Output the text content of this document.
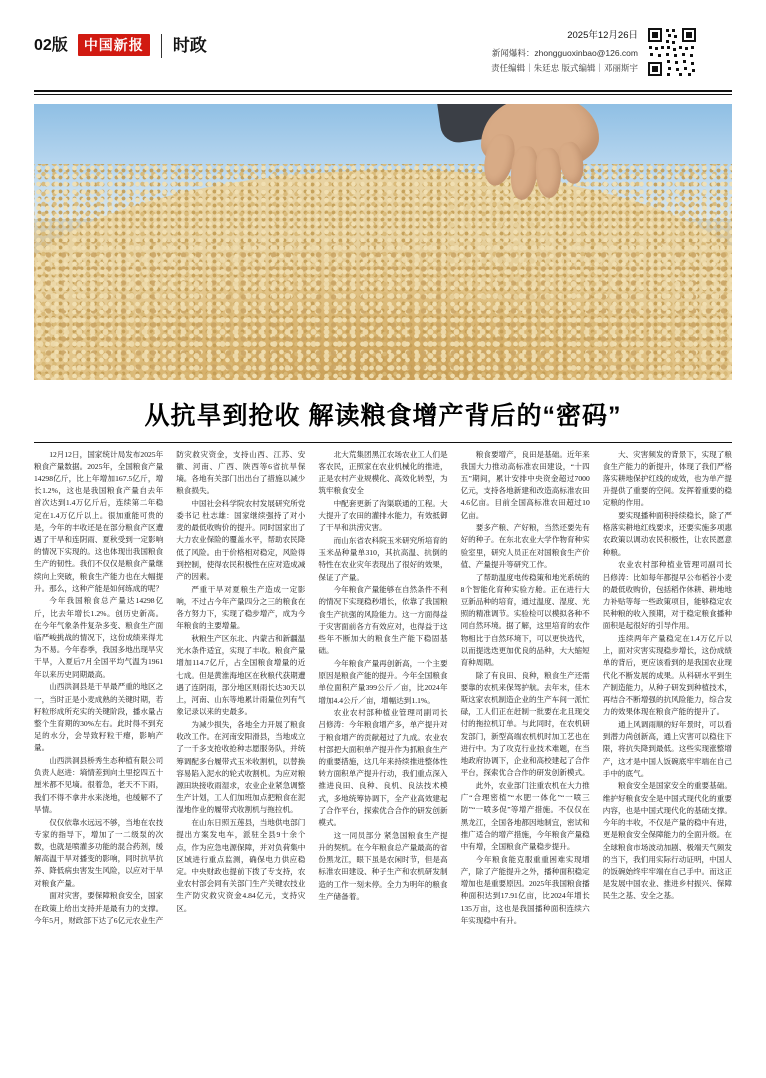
02版	中国新报	时政
2025年12月26日
新闻爆料：zhongguoxinbao@126.com
责任编辑｜朱廷忠 版式编辑｜邓丽斯宇
从抗旱到抢收 解读粮食增产背后的“密码”

12月12日，国家统计局发布2025年粮食产量数据。2025年，全国粮食产量14298亿斤，比上年增加167.5亿斤，增长1.2%，这也是我国粮食产量自去年首次达到1.4万亿斤后，连续第二年稳定在1.4万亿斤以上。很加重能可贵的是，今年的丰收还是在部分粮食产区遭遇了干旱和连阴雨、夏秋受到一定影响的情况下实现的。这也体现出我国粮食生产的韧性。我们不仅仅是粮食产量继续向上突破，粮食生产能力也在大幅提升。那么，这种产能是如何练成的呢？

今年我国粮食总产量达14298亿斤，比去年增长1.2%。创历史新高。在今年气象条件复杂多变、粮食生产面临严峻挑战的情况下，这份成绩来得尤为不易。今年春季，我国多地出现旱灾干旱，入夏后7月全国平均气温为1961年以来历史同期最高。

山西洪洞县是干旱最严重的地区之一，当时正是小麦成熟的关键时期，若籽粒形成所充实的关键阶段，播水量占整个生育期的30%左右。此时得不到充足的水分，会导致籽粒干瘪，影响产量。

山西洪洞县桥秀生态种植有限公司负责人赵进：墒情差到向土里挖四五十厘米都不见墒。很着急，老天不下雨，我们不得不拿井水来浇地，也缓解不了旱情。

仅仅依靠水远远不够，当地在农技专家的指导下，增加了一二级泵的次数，也就是喷灌多功能的混合药剂，缓解高温干旱对播变的影响，同时抗旱抗养、降低病虫害发生风险，以应对干旱对粮食产量。

面对灾害，要保障粮食安全，国家在政策上给出支持并是最有力的支撑。今年5月，财政部下达了6亿元农业生产防灾救灾资金，支持山西、江苏、安徽、河南、广西、陕西等6省抗旱保墒。各地有关部门出出台了措施以减少粮食损失。

中国社会科学院农村发展研究所党委书记 杜志雄：国家继续强持了对小麦的最低收购价的提升。同时国家出了大力农业保险的覆盖水平，帮助农民降低了风险。由于价格相对稳定，风险得到控制，使得农民积极性在应对造成减产的因素。

严重干旱对夏粮生产造成一定影响，不过占今年产量四分之三的粮食在各方努力下，实现了稳步增产，成为今年粮食的主要增量。

秋粮生产区东北、内蒙古和新疆温光水条件适宜，实现了丰收。粮食产量增加114.7亿斤，占全国粮食增量的近七成。但是黄淮海地区在秋粮代获期遭遇了连阴雨，部分地区则雨长达30天以上，河南、山东等地累计雨量位列有气象记录以来的史最多。

为减少损失，各地全力开展了粮食收改工作。在河南安阳滑县，当地成立了一千多支抢收抢种志愿服务队，并统筹调配多台履带式玉米收割机，以替换容易陷入泥水的轮式收割机。为应对粮源田块接收雨湿求，农业企业紧急调整生产计划，工人们加班加点把粮食在泥湿地作业的履带式收割机与拖拉机。

在山东日照五莲县，当地供电部门提出方案发电车，派驻全县9十余个点，作为应急电源保障，并对负荷集中区域进行重点监测，确保电力供应稳定。中央财政也提前下拨了专支持，农业农村部会同有关部门生产关键农技业生产防灾救灾资金4.84亿元，支持灾区。

北大荒集团黑江农场农业工人们是客农民，正照家在农业机械化的推进，正是农村产业规模化、高效化转型，为筑牢粮食安全

中配套更新了沟渠联通的工程。大大提升了农田的灌排水能力，有效抵御了干旱和洪涝灾害。

而山东省农科院玉米研究所培育的玉米品种量单310，其抗高温、抗倒的特性在农业灾年表现出了很好的效果，保证了产量。

今年粮食产量能够在自然条件不利的情况下实现稳秒增长，依靠了我国粮食生产抗强的风险能力。这一方面得益于灾害面前各方有效应对，也得益于这些年不断加大的粮食生产能下稳固基础。

今年粮食产量再创新高，一个主要原因是粮食产能的提升。今年全国粮食单位面积产量399公斤／亩，比2024年增加4.4公斤／亩，增幅达到1.1%。

农业农村部种植业管理司副司长 吕修涛：今年粮食增产多，单产提升对于粮食增产的贡献超过了九成。农业农村部把大面积单产提升作为抓粮食生产的重要措施，这几年来持续推进整体性转方面积单产提升行动，我们重点深入推进良田、良种、良机、良法技术模式，多地统筹协调下，全产业高效建起了合作平台，探索优合合作的研发创新模式。

这一同员部分 紧急国粮食生产提升的契机。在今年粮食总产量最高的省份黑龙江，眼下虽是农闲时节，但是高标准农田建设、种子生产和农机研发制造的工作一刻未停。全力为明年的粮食生产储备着。

粮食要增产，良田是基础。近年来我国大力推动高标准农田建设，“十四五”期间，累计安排中央资金超过7000亿元，支持各地新建和改造高标准农田4.6亿亩。目前全国高标准农田超过10亿亩。

要多产粮、产好粮，当然还要先有好的种子。在东北农业大学作物育种实验室里，研究人员正在对国粮食生产价值、产量提升等研究工作。

了帮助温度电传稳策和地光系统的8个智能化育种实验方舱。正在进行大豆新品种的培育，通过温度、湿度、光照的精准调节。实验检可以模拟各种不同自然环境。据了解，这里培育的农作物相比于自然环境下，可以更快选代，以而提选迭更加优良的品种，大大缩短育种周期。

除了有良田、良种，粮食生产还需要靠的农机来保驾护航。去年末，佳木斯这家农机制造企业的生产车间一派忙碌，工人们正在赶制一批要在北且现交付的拖拉机订单。与此同时，在农机研发部门，新型高端农机机时加工艺也在进行中。为了攻克行业技术难题，在当地政府协调下，企业和高校建起了合作平台，探索优合合作的研发创新模式。

此外，农业部门注重农机在大力推广“合理密植”“水肥一体化”“一喷三防”“一喷多促”等增产措施。不仅仅在黑龙江，全国各地都因地制宜，密试和推广适合的增产措施，今年粮食产量稳中有增，全国粮食产量稳步提升。

今年粮食能克服重重困难实现增产，除了产能提升之外，播种面积稳定增加也是重要原因。2025年我国粮食播种面积达到17.91亿亩，比2024年增长135万亩，这也是我国播种面积连续六年实现稳中有升。

大、灾害频发的背景下，实现了粮食生产能力的新提升，体现了我们严格落实耕地保护红线的成效，也为单产提升提供了重要的空间。发挥着重要的稳定粮的作用。

要实现播种面积持续稳长，除了严格落实耕地红线要求，还要实施多项惠农政策以调动农民积极性，让农民愿意种粮。

农业农村部种植业管理司副司长 吕修涛：比如每年都提早公布稻谷小麦的最低收购价，包括稻作休耕、耕地地力补贴等每一些政策项目，能够稳定农民种粮的收入预期，对于稳定粮食播种面积是起很好的引导作用。

连续两年产量稳定在1.4万亿斤以上，面对灾害实现稳步增长，这份成绩单的背后，更应该看到的是我国农业现代化不断发展的成果。从科研水平到生产制造能力，从种子研发到种植技术，再结合不断增强的抗风险能力，综合发力的效果体现在粮食产能的提升了。

通上风调雨顺的好年景时，可以看到潜力尚创新高，通上灾害可以稳住下限，将抗失降到最低。这些实现涨整增产，这才是中国人饭碗底牢牢端在自己手中的底气。

粮食安全是国家安全的重要基础。维护好粮食安全是中国式现代化的重要内容，也是中国式现代化的基础支撑。今年的丰收，不仅是产量的稳中有进，更是粮食安全保障能力的全面升级。在全球粮食市场波动加剧、极端天气频发的当下，我们用实际行动证明，中国人的饭碗始终牢牢端在自己手中。而这正是发展中国农业、推进乡村振兴、保障民生之基、安全之基。
